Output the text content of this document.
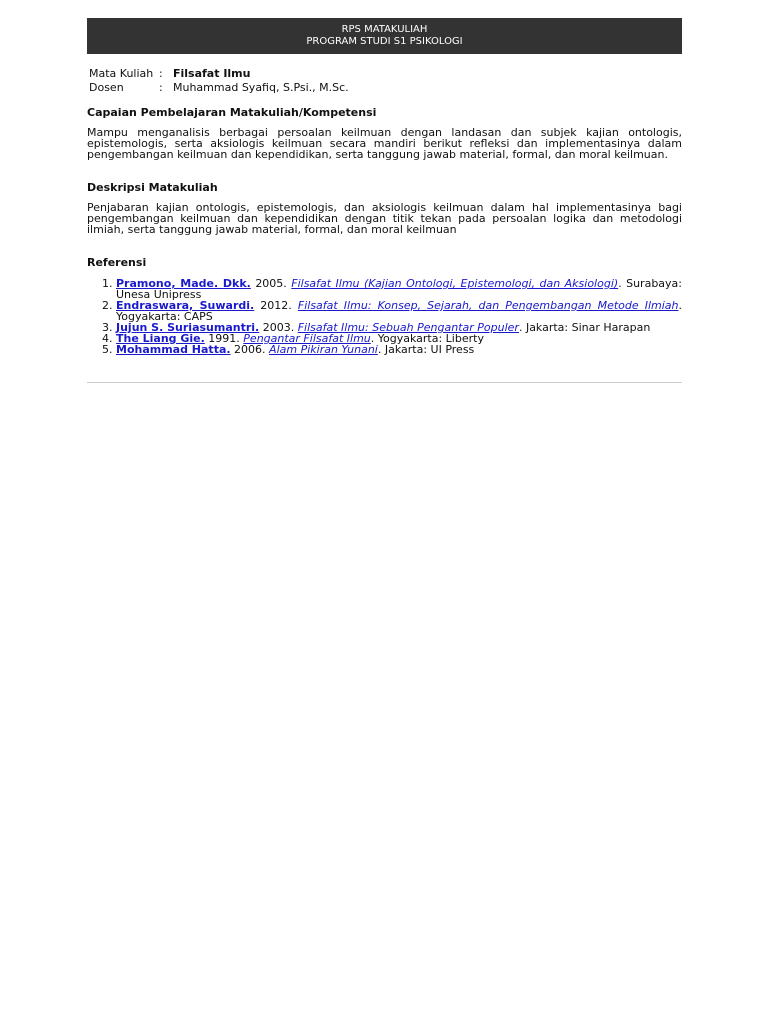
RPS MATAKULIAH
PROGRAM STUDI S1 PSIKOLOGI
Mata Kuliah	:	Filsafat Ilmu
Dosen	:	Muhammad Syafiq, S.Psi., M.Sc.
Capaian Pembelajaran Matakuliah/Kompetensi

Mampu menganalisis berbagai persoalan keilmuan dengan landasan dan subjek kajian ontologis, epistemologis, serta aksiologis keilmuan secara mandiri berikut refleksi dan implementasinya dalam pengembangan keilmuan dan kependidikan, serta tanggung jawab material, formal, dan moral keilmuan.

Deskripsi Matakuliah

Penjabaran kajian ontologis, epistemologis, dan aksiologis keilmuan dalam hal implementasinya bagi pengembangan keilmuan dan kependidikan dengan titik tekan pada persoalan logika dan metodologi ilmiah, serta tanggung jawab material, formal, dan moral keilmuan

Referensi
1. Pramono, Made. Dkk. 2005. Filsafat Ilmu (Kajian Ontologi, Epistemologi, dan Aksiologi). Surabaya: Unesa Unipress
2. Endraswara, Suwardi. 2012. Filsafat Ilmu: Konsep, Sejarah, dan Pengembangan Metode Ilmiah. Yogyakarta: CAPS
3. Jujun S. Suriasumantri. 2003. Filsafat Ilmu: Sebuah Pengantar Populer. Jakarta: Sinar Harapan
4. The Liang Gie. 1991. Pengantar Filsafat Ilmu. Yogyakarta: Liberty
5. Mohammad Hatta. 2006. Alam Pikiran Yunani. Jakarta: UI Press
